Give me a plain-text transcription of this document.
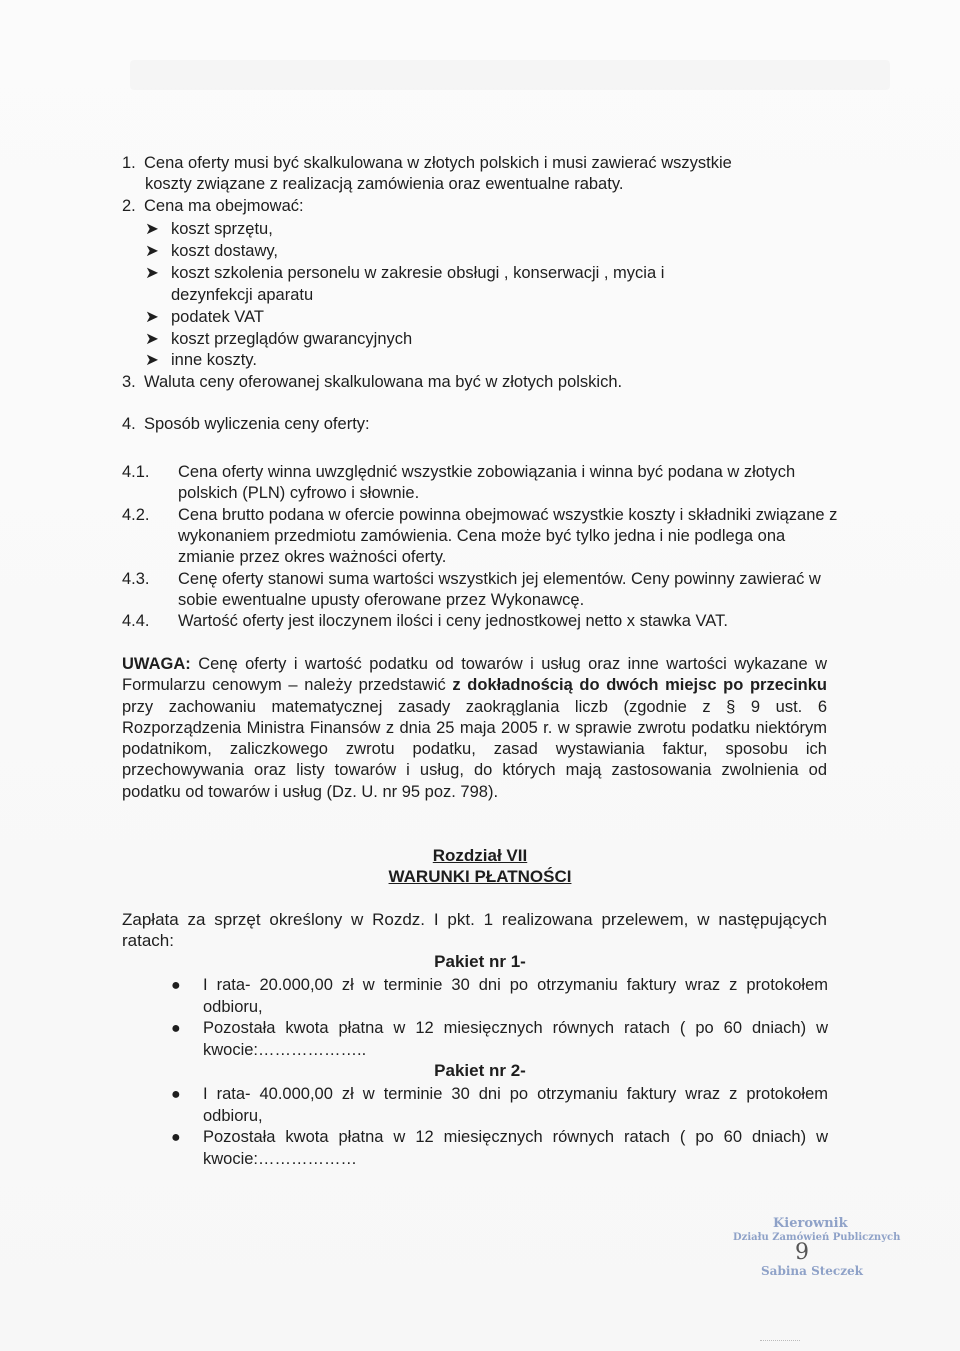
1. Cena oferty musi być skalkulowana w złotych polskich i musi zawierać wszystkie
koszty związane z realizacją zamówienia oraz ewentualne rabaty.
2. Cena ma obejmować:
➤ koszt sprzętu,
➤ koszt dostawy,
➤ koszt szkolenia personelu w zakresie obsługi , konserwacji , mycia i
dezynfekcji aparatu
➤ podatek VAT
➤ koszt przeglądów gwarancyjnych
➤ inne koszty.
3. Waluta ceny oferowanej skalkulowana ma być w złotych polskich.
4. Sposób wyliczenia ceny oferty:
4.1.	Cena oferty winna uwzględnić wszystkie zobowiązania i winna być podana w złotych polskich (PLN) cyfrowo i słownie.
4.2.	Cena brutto podana w ofercie powinna obejmować wszystkie koszty i składniki związane z wykonaniem przedmiotu zamówienia. Cena może być tylko jedna i nie podlega ona zmianie przez okres ważności oferty.
4.3.	Cenę oferty stanowi suma wartości wszystkich jej elementów. Ceny powinny zawierać w sobie ewentualne upusty oferowane przez Wykonawcę.
4.4.	Wartość oferty jest iloczynem ilości i ceny jednostkowej netto x stawka VAT.
UWAGA: Cenę oferty i wartość podatku od towarów i usług oraz inne wartości wykazane w Formularzu cenowym – należy przedstawić z dokładnością do dwóch miejsc po przecinku przy zachowaniu matematycznej zasady zaokrąglania liczb (zgodnie z § 9 ust. 6 Rozporządzenia Ministra Finansów z dnia 25 maja 2005 r. w sprawie zwrotu podatku niektórym podatnikom, zaliczkowego zwrotu podatku, zasad wystawiania faktur, sposobu ich przechowywania oraz listy towarów i usług, do których mają zastosowania zwolnienia od podatku od towarów i usług (Dz. U. nr 95 poz. 798).
Rozdział VII
WARUNKI PŁATNOŚCI
Zapłata za sprzęt określony w Rozdz. I pkt. 1 realizowana przelewem, w następujących ratach:
Pakiet nr 1-
● I rata- 20.000,00 zł w terminie 30 dni po otrzymaniu faktury wraz z protokołem odbioru,
● Pozostała kwota płatna w 12 miesięcznych równych ratach ( po 60 dniach) w kwocie:………………..
Pakiet nr 2-
● I rata- 40.000,00 zł w terminie 30 dni po otrzymaniu faktury wraz z protokołem odbioru,
● Pozostała kwota płatna w 12 miesięcznych równych ratach ( po 60 dniach) w kwocie:………………
Kierownik
Działu Zamówień Publicznych
9
Sabina Steczek
